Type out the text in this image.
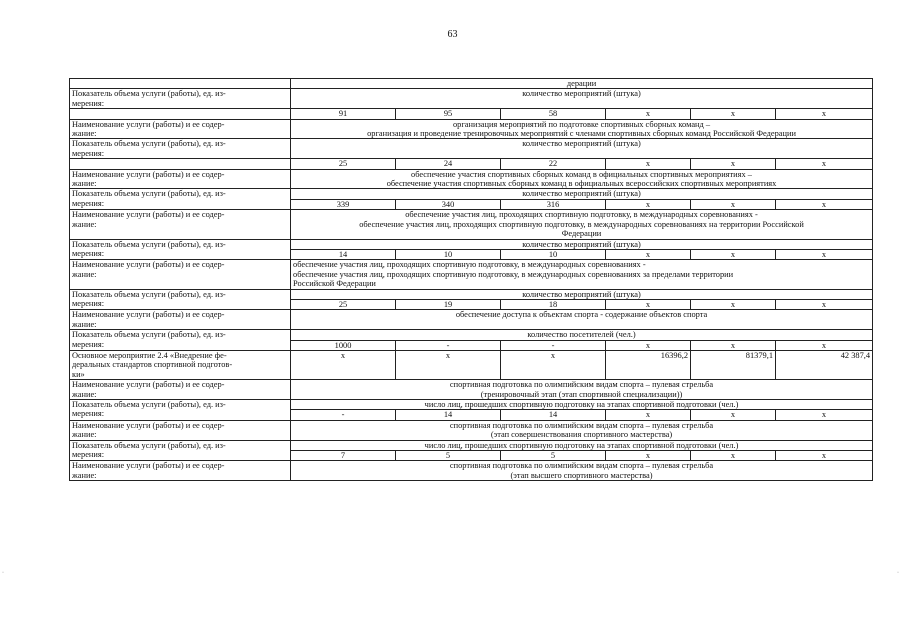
63
	дерации					
Показатель объема услуги (работы), ед. из-
мерения:	количество мероприятий (штука)					
	91	95	58	x	x	x
Наименование услуги (работы) и ее содер-
жание:	организация мероприятий по подготовке спортивных сборных команд –
организация и проведение тренировочных мероприятий с членами спортивных сборных команд Российской Федерации					
Показатель объема услуги (работы), ед. из-
мерения:	количество мероприятий (штука)					
	25	24	22	x	x	x
Наименование услуги (работы) и ее содер-
жание:	обеспечение участия спортивных сборных команд в официальных спортивных мероприятиях –
обеспечение участия спортивных сборных команд в официальных всероссийских спортивных мероприятиях					
Показатель объема услуги (работы), ед. из-
мерения:	количество мероприятий (штука)					
	339	340	316	x	x	x
Наименование услуги (работы) и ее содер-
жание:	обеспечение участия лиц, проходящих спортивную подготовку, в международных соревнованиях -
обеспечение участия лиц, проходящих спортивную подготовку, в международных соревнованиях на территории Российской
Федерации					
Показатель объема услуги (работы), ед. из-
мерения:	количество мероприятий (штука)					
	14	10	10	x	x	x
Наименование услуги (работы) и ее содер-
жание:	обеспечение участия лиц, проходящих спортивную подготовку, в международных соревнованиях -
обеспечение участия лиц, проходящих спортивную подготовку, в международных соревнованиях за пределами территории
Российской Федерации					
Показатель объема услуги (работы), ед. из-
мерения:	количество мероприятий (штука)					
	25	19	18	x	x	x
Наименование услуги (работы) и ее содер-
жание:	обеспечение доступа к объектам спорта - содержание объектов спорта					
Показатель объема услуги (работы), ед. из-
мерения:	количество посетителей (чел.)					
	1000	-	-	x	x	x
Основное мероприятие 2.4 «Внедрение фе-
деральных стандартов спортивной подготов-
ки»	x	x	x	16396,2	81379,1	42 387,4
Наименование услуги (работы) и ее содер-
жание:	спортивная подготовка по олимпийским видам спорта – пулевая стрельба
(тренировочный этап (этап спортивной специализации))					
Показатель объема услуги (работы), ед. из-
мерения:	число лиц, прошедших спортивную подготовку на этапах спортивной подготовки (чел.)					
	-	14	14	x	x	x
Наименование услуги (работы) и ее содер-
жание:	спортивная подготовка по олимпийским видам спорта – пулевая стрельба
(этап совершенствования спортивного мастерства)					
Показатель объема услуги (работы), ед. из-
мерения:	число лиц, прошедших спортивную подготовку на этапах спортивной подготовки (чел.)					
	7	5	5	x	x	x
Наименование услуги (работы) и ее содер-
жание:	спортивная подготовка по олимпийским видам спорта – пулевая стрельба
(этап высшего спортивного мастерства)					
·	·
